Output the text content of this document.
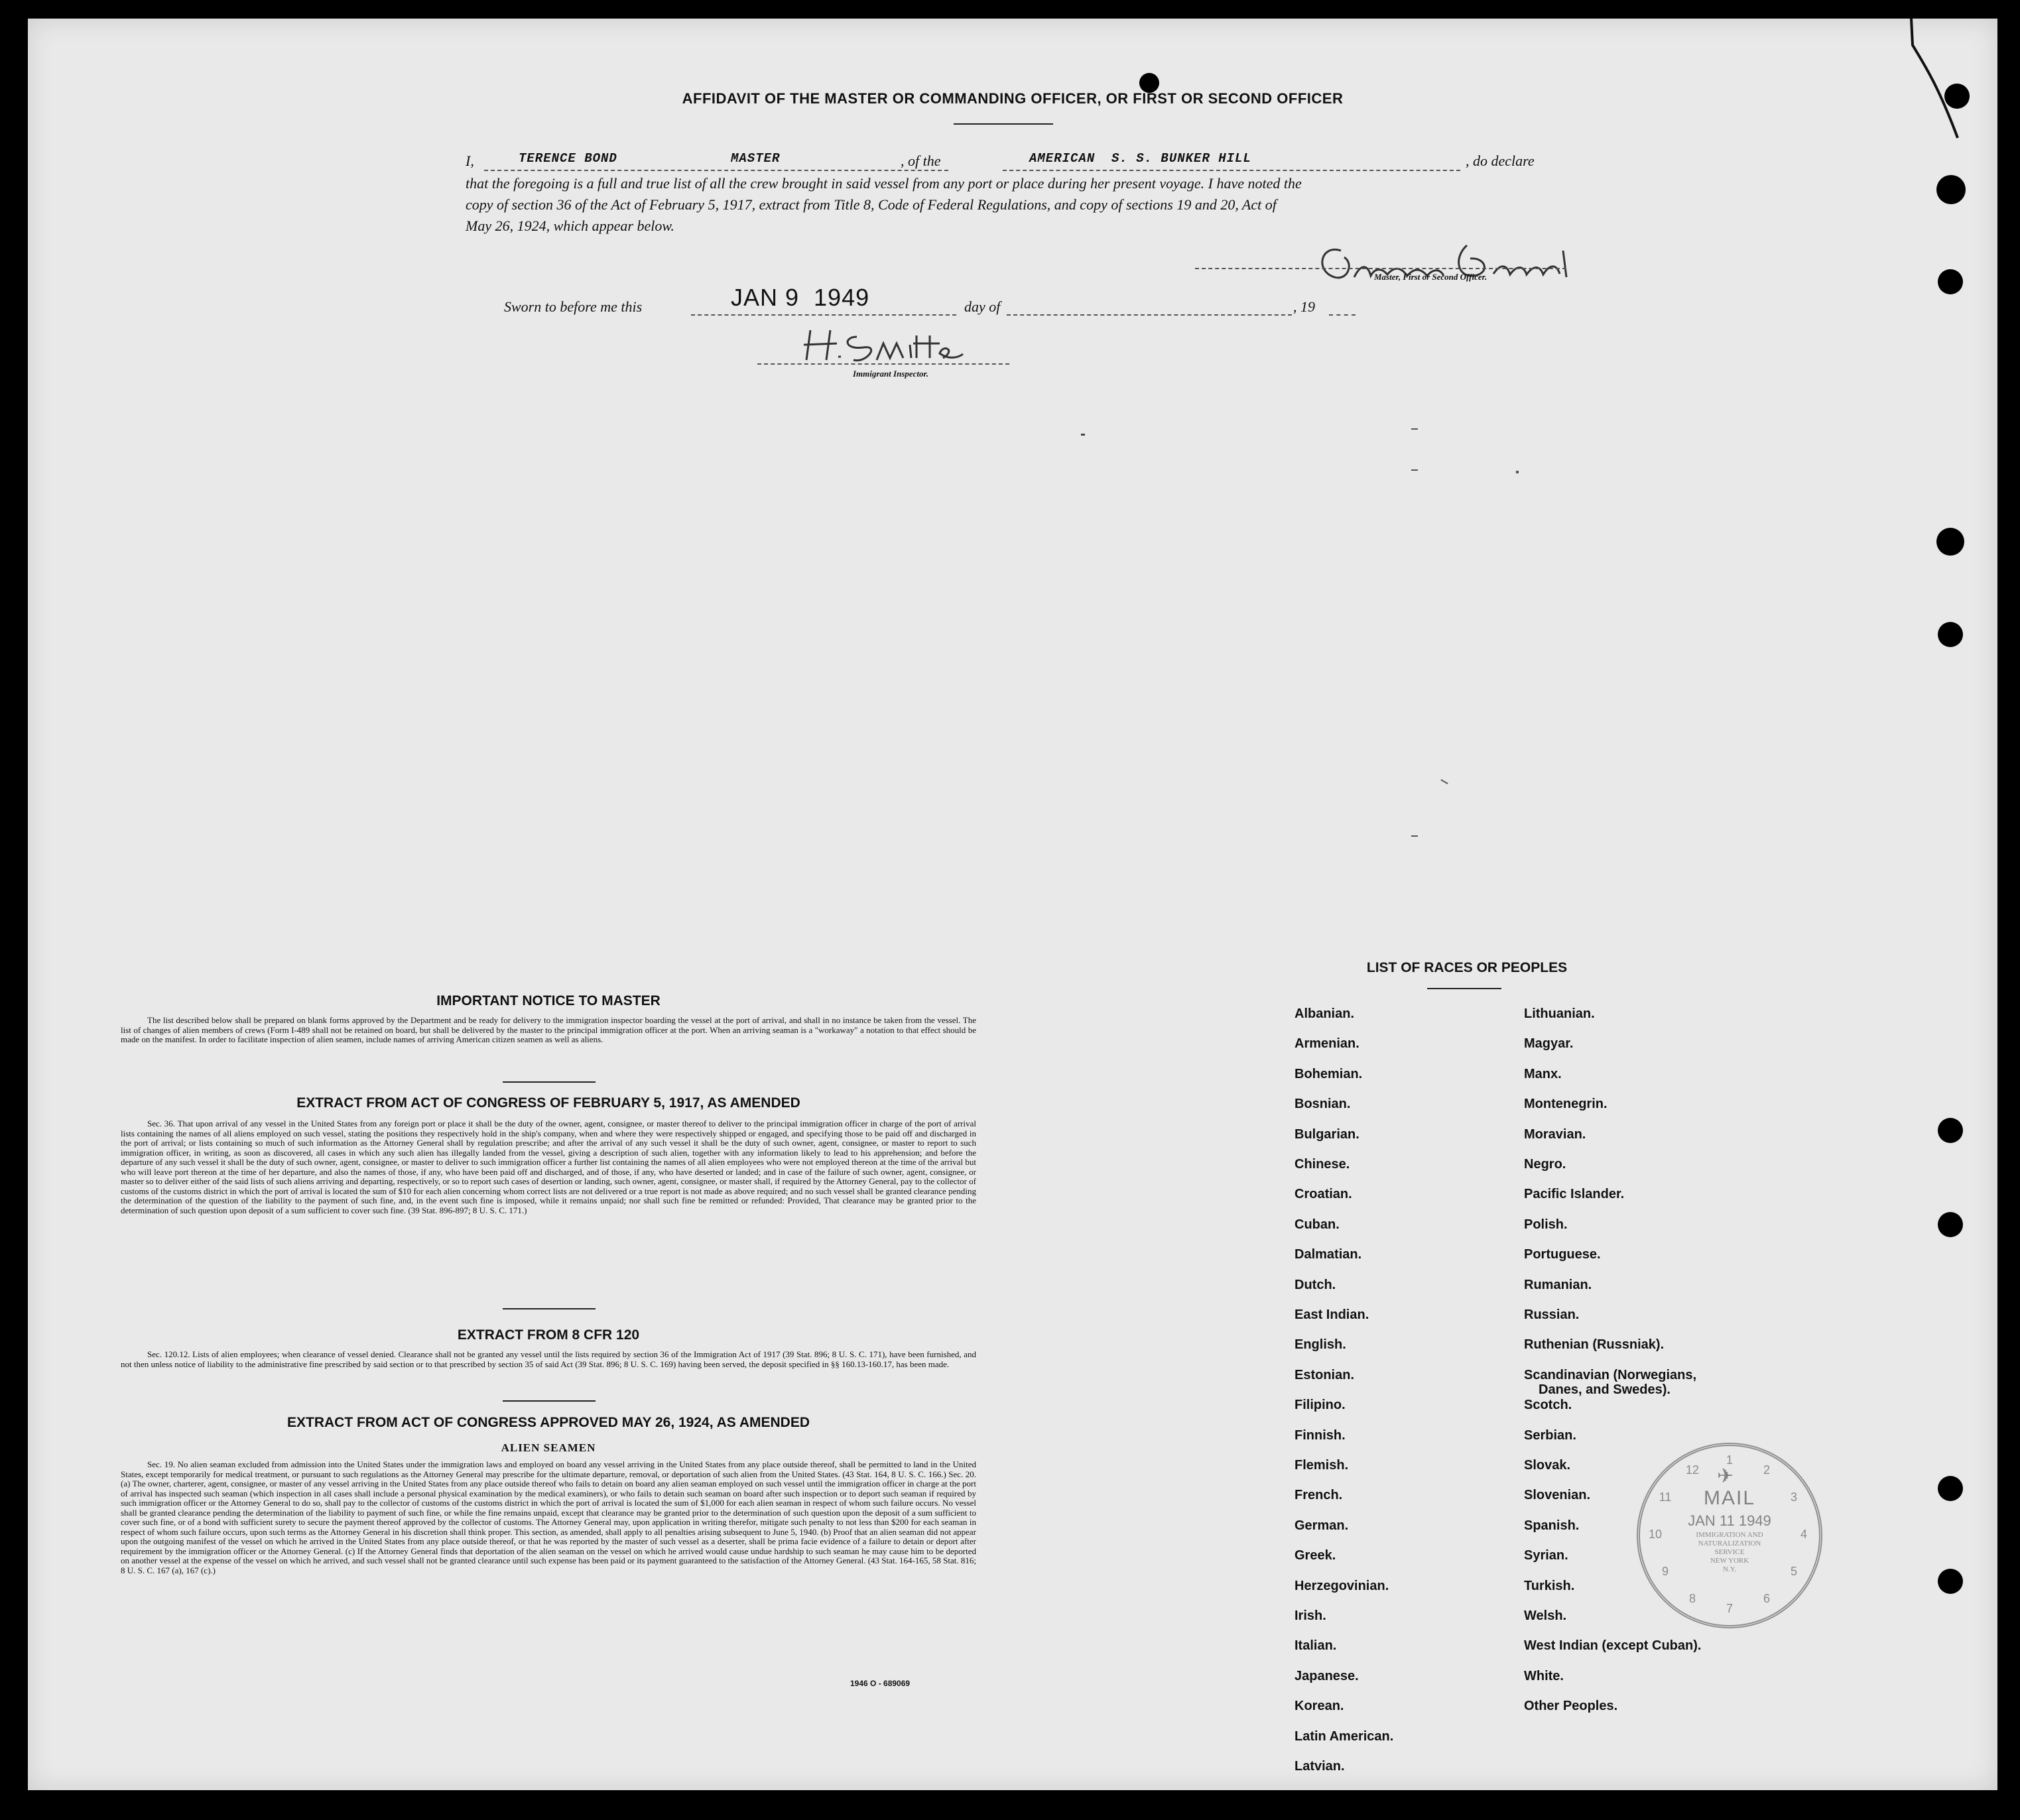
AFFIDAVIT OF THE MASTER OR COMMANDING OFFICER, OR FIRST OR SECOND OFFICER
I,	TERENCE BOND	MASTER	, of the	AMERICAN  S. S. BUNKER HILL	, do declare
that the foregoing is a full and true list of all the crew brought in said vessel from any port or place during her present voyage. I have noted the
copy of section 36 of the Act of February 5, 1917, extract from Title 8, Code of Federal Regulations, and copy of sections 19 and 20, Act of
May 26, 1924, which appear below.
Master, First or Second Officer.
Sworn to before me this	JAN 9  1949	day of	, 19
Immigrant Inspector.
IMPORTANT NOTICE TO MASTER
The list described below shall be prepared on blank forms approved by the Department and be ready for delivery to the immigration inspector boarding the vessel at the port of arrival, and shall in no instance be taken from the vessel. The list of changes of alien members of crews (Form I-489 shall not be retained on board, but shall be delivered by the master to the principal immigration officer at the port. When an arriving seaman is a "workaway" a notation to that effect should be made on the manifest. In order to facilitate inspection of alien seamen, include names of arriving American citizen seamen as well as aliens.
EXTRACT FROM ACT OF CONGRESS OF FEBRUARY 5, 1917, AS AMENDED
Sec. 36. That upon arrival of any vessel in the United States from any foreign port or place it shall be the duty of the owner, agent, consignee, or master thereof to deliver to the principal immigration officer in charge of the port of arrival lists containing the names of all aliens employed on such vessel, stating the positions they respectively hold in the ship's company, when and where they were respectively shipped or engaged, and specifying those to be paid off and discharged in the port of arrival; or lists containing so much of such information as the Attorney General shall by regulation prescribe; and after the arrival of any such vessel it shall be the duty of such owner, agent, consignee, or master to report to such immigration officer, in writing, as soon as discovered, all cases in which any such alien has illegally landed from the vessel, giving a description of such alien, together with any information likely to lead to his apprehension; and before the departure of any such vessel it shall be the duty of such owner, agent, consignee, or master to deliver to such immigration officer a further list containing the names of all alien employees who were not employed thereon at the time of the arrival but who will leave port thereon at the time of her departure, and also the names of those, if any, who have been paid off and discharged, and of those, if any, who have deserted or landed; and in case of the failure of such owner, agent, consignee, or master so to deliver either of the said lists of such aliens arriving and departing, respectively, or so to report such cases of desertion or landing, such owner, agent, consignee, or master shall, if required by the Attorney General, pay to the collector of customs of the customs district in which the port of arrival is located the sum of $10 for each alien concerning whom correct lists are not delivered or a true report is not made as above required; and no such vessel shall be granted clearance pending the determination of the question of the liability to the payment of such fine, and, in the event such fine is imposed, while it remains unpaid; nor shall such fine be remitted or refunded: Provided, That clearance may be granted prior to the determination of such question upon deposit of a sum sufficient to cover such fine. (39 Stat. 896-897; 8 U. S. C. 171.)
EXTRACT FROM 8 CFR 120
Sec. 120.12. Lists of alien employees; when clearance of vessel denied. Clearance shall not be granted any vessel until the lists required by section 36 of the Immigration Act of 1917 (39 Stat. 896; 8 U. S. C. 171), have been furnished, and not then unless notice of liability to the administrative fine prescribed by said section or to that prescribed by section 35 of said Act (39 Stat. 896; 8 U. S. C. 169) having been served, the deposit specified in §§ 160.13-160.17, has been made.
EXTRACT FROM ACT OF CONGRESS APPROVED MAY 26, 1924, AS AMENDED
ALIEN SEAMEN
Sec. 19. No alien seaman excluded from admission into the United States under the immigration laws and employed on board any vessel arriving in the United States from any place outside thereof, shall be permitted to land in the United States, except temporarily for medical treatment, or pursuant to such regulations as the Attorney General may prescribe for the ultimate departure, removal, or deportation of such alien from the United States. (43 Stat. 164, 8 U. S. C. 166.) Sec. 20. (a) The owner, charterer, agent, consignee, or master of any vessel arriving in the United States from any place outside thereof who fails to detain on board any alien seaman employed on such vessel until the immigration officer in charge at the port of arrival has inspected such seaman (which inspection in all cases shall include a personal physical examination by the medical examiners), or who fails to detain such seaman on board after such inspection or to deport such seaman if required by such immigration officer or the Attorney General to do so, shall pay to the collector of customs of the customs district in which the port of arrival is located the sum of $1,000 for each alien seaman in respect of whom such failure occurs. No vessel shall be granted clearance pending the determination of the liability to payment of such fine, or while the fine remains unpaid, except that clearance may be granted prior to the determination of such question upon the deposit of a sum sufficient to cover such fine, or of a bond with sufficient surety to secure the payment thereof approved by the collector of customs. The Attorney General may, upon application in writing therefor, mitigate such penalty to not less than $200 for each seaman in respect of whom such failure occurs, upon such terms as the Attorney General in his discretion shall think proper. This section, as amended, shall apply to all penalties arising subsequent to June 5, 1940. (b) Proof that an alien seaman did not appear upon the outgoing manifest of the vessel on which he arrived in the United States from any place outside thereof, or that he was reported by the master of such vessel as a deserter, shall be prima facie evidence of a failure to detain or deport after requirement by the immigration officer or the Attorney General. (c) If the Attorney General finds that deportation of the alien seaman on the vessel on which he arrived would cause undue hardship to such seaman he may cause him to be deported on another vessel at the expense of the vessel on which he arrived, and such vessel shall not be granted clearance until such expense has been paid or its payment guaranteed to the satisfaction of the Attorney General. (43 Stat. 164-165, 58 Stat. 816; 8 U. S. C. 167 (a), 167 (c).)
1946 O - 689069
LIST OF RACES OR PEOPLES
✈
MAIL
JAN 11 1949
IMMIGRATION AND
NATURALIZATION
SERVICE
NEW YORK
N.Y.
1
2
3
4
5
6
7
8
9
10
11
12
Albanian.
Armenian.
Bohemian.
Bosnian.
Bulgarian.
Chinese.
Croatian.
Cuban.
Dalmatian.
Dutch.
East Indian.
English.
Estonian.
Filipino.
Finnish.
Flemish.
French.
German.
Greek.
Herzegovinian.
Irish.
Italian.
Japanese.
Korean.
Latin American.
Latvian.
Lithuanian.
Magyar.
Manx.
Montenegrin.
Moravian.
Negro.
Pacific Islander.
Polish.
Portuguese.
Rumanian.
Russian.
Ruthenian (Russniak).
Scandinavian (Norwegians,
Danes, and Swedes).
Scotch.
Serbian.
Slovak.
Slovenian.
Spanish.
Syrian.
Turkish.
Welsh.
West Indian (except Cuban).
White.
Other Peoples.
